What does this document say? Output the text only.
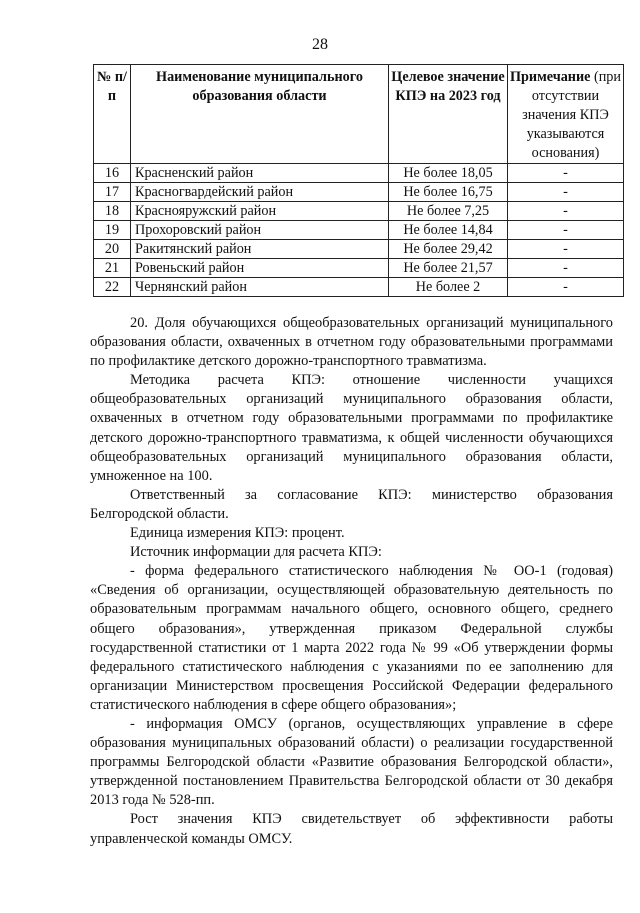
28
№ п/п	Наименование муниципального образования области	Целевое значение КПЭ на 2023 год	Примечание (при отсутствии значения КПЭ указываются основания)
16	Красненский район	Не более 18,05	-
17	Красногвардейский район	Не более 16,75	-
18	Краснояружский район	Не более 7,25	-
19	Прохоровский район	Не более 14,84	-
20	Ракитянский район	Не более 29,42	-
21	Ровеньский район	Не более 21,57	-
22	Чернянский район	Не более 2	-

20. Доля обучающихся общеобразовательных организаций муниципального образования области, охваченных в отчетном году образовательными программами по профилактике детского дорожно-транспортного травматизма.

Методика расчета КПЭ: отношение численности учащихся общеобразовательных организаций муниципального образования области, охваченных в отчетном году образовательными программами по профилактике детского дорожно-транспортного травматизма, к общей численности обучающихся общеобразовательных организаций муниципального образования области, умноженное на 100.

Ответственный за согласование КПЭ: министерство образования Белгородской области.

Единица измерения КПЭ: процент.

Источник информации для расчета КПЭ:

- форма федерального статистического наблюдения № ОО-1 (годовая) «Сведения об организации, осуществляющей образовательную деятельность по образовательным программам начального общего, основного общего, среднего общего образования», утвержденная приказом Федеральной службы государственной статистики от 1 марта 2022 года № 99 «Об утверждении формы федерального статистического наблюдения с указаниями по ее заполнению для организации Министерством просвещения Российской Федерации федерального статистического наблюдения в сфере общего образования»;

- информация ОМСУ (органов, осуществляющих управление в сфере образования муниципальных образований области) о реализации государственной программы Белгородской области «Развитие образования Белгородской области», утвержденной постановлением Правительства Белгородской области от 30 декабря 2013 года № 528-пп.

Рост значения КПЭ свидетельствует об эффективности работы управленческой команды ОМСУ.
